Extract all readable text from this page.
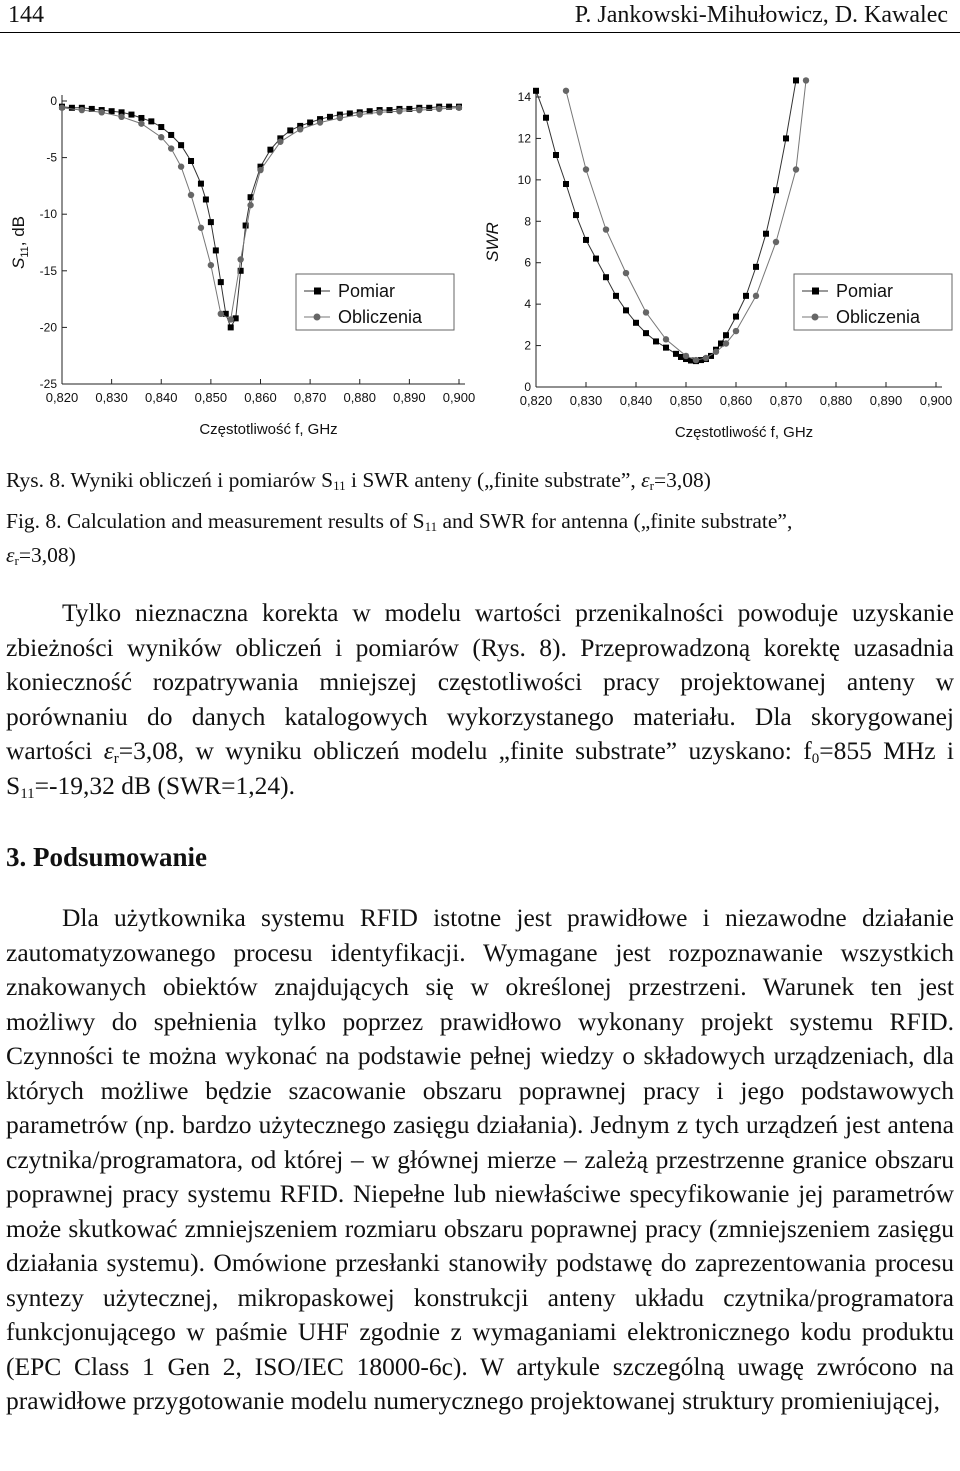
144	P. Jankowski-Mihułowicz, D. Kawalec
0,820 0,830 0,840 0,850 0,860 0,870 0,880 0,890 0,900
0
-5
-10
-15
-20
-25
Częstotliwość f, GHz
$S_{11}$, dB
Pomiar
Obliczenia
0,820 0,830 0,840 0,850 0,860 0,870 0,880 0,890 0,900
0
2
4
6
8
10
12
14
Częstotliwość f, GHz
SWR
Pomiar
Obliczenia
Rys. 8. Wyniki obliczeń i pomiarów $S_{11}$ i SWR anteny („finite substrate”, $\varepsilon_r=3,08$)
Fig. 8. Calculation and measurement results of $S_{11}$ and SWR for antenna („finite substrate”,
$\varepsilon_r=3,08$)

Tylko nieznaczna korekta w modelu wartości przenikalności powoduje uzyskanie zbieżności wyników obliczeń i pomiarów (Rys. 8). Przeprowadzoną korektę uzasadnia konieczność rozpatrywania mniejszej częstotliwości pracy projektowanej anteny w porównaniu do danych katalogowych wykorzystanego materiału. Dla skorygowanej wartości $\varepsilon_r=3,08$, w wyniku obliczeń modelu „finite substrate” uzyskano: $f_0=855$ MHz i $S_{11}=-19,32$ dB (SWR=1,24).

3. Podsumowanie

Dla użytkownika systemu RFID istotne jest prawidłowe i niezawodne działanie zautomatyzowanego procesu identyfikacji. Wymagane jest rozpoznawanie wszystkich znakowanych obiektów znajdujących się w określonej przestrzeni. Warunek ten jest możliwy do spełnienia tylko poprzez prawidłowo wykonany projekt systemu RFID. Czynności te można wykonać na podstawie pełnej wiedzy o składowych urządzeniach, dla których możliwe będzie szacowanie obszaru poprawnej pracy i jego podstawowych parametrów (np. bardzo użytecznego zasięgu działania). Jednym z tych urządzeń jest antena czytnika/programatora, od której – w głównej mierze – zależą przestrzenne granice obszaru poprawnej pracy systemu RFID. Niepełne lub niewłaściwe specyfikowanie jej parametrów może skutkować zmniejszeniem rozmiaru obszaru poprawnej pracy (zmniejszeniem zasięgu działania systemu). Omówione przesłanki stanowiły podstawę do zaprezentowania procesu syntezy użytecznej, mikropaskowej konstrukcji anteny układu czytnika/programatora funkcjonującego w paśmie UHF zgodnie z wymaganiami elektronicznego kodu produktu (EPC Class 1 Gen 2, ISO/IEC 18000-6c). W artykule szczególną uwagę zwrócono na prawidłowe przygotowanie modelu numerycznego projektowanej struktury promieniującej,
